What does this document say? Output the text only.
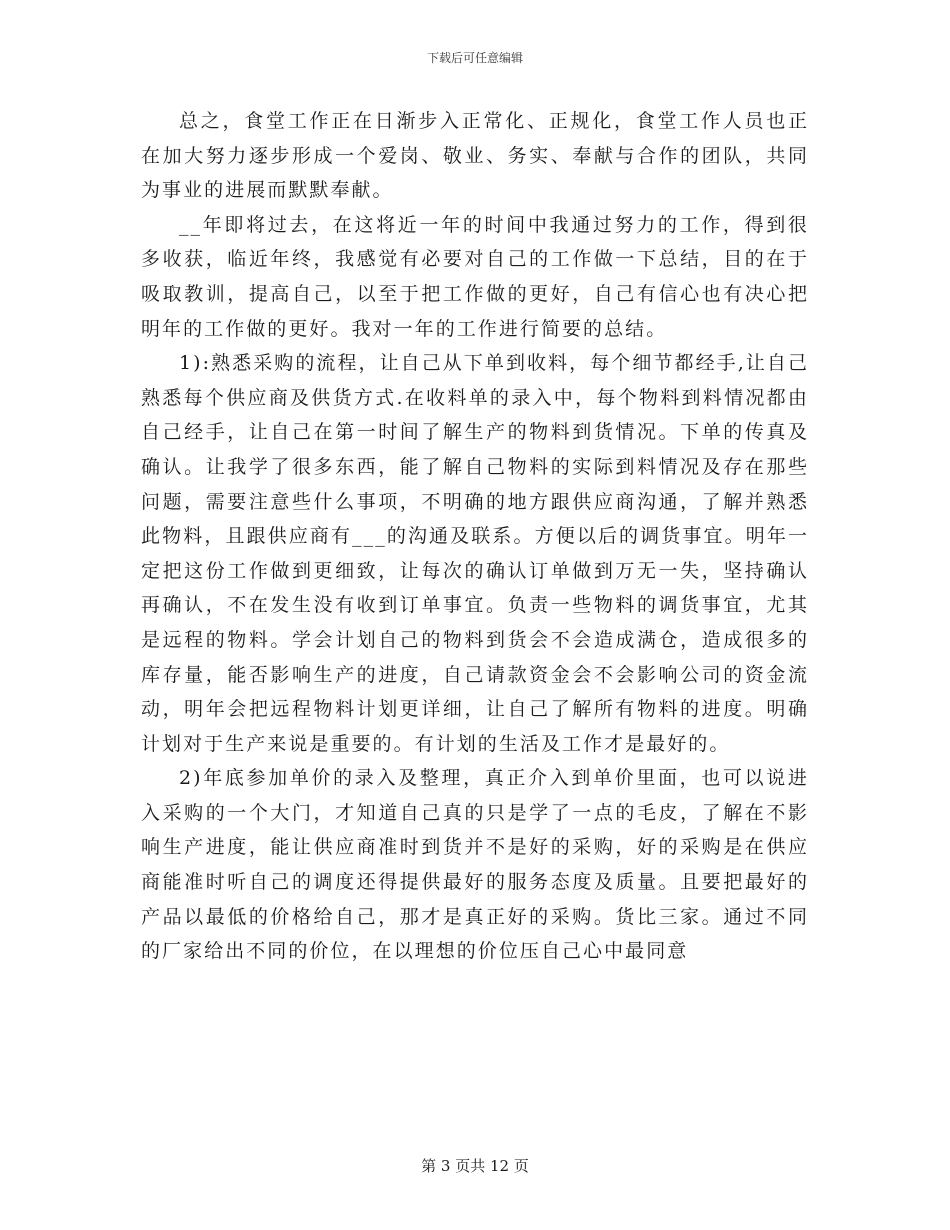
下载后可任意编辑

总之，食堂工作正在日渐步入正常化、正规化，食堂工作人员也正在加大努力逐步形成一个爱岗、敬业、务实、奉献与合作的团队，共同为事业的进展而默默奉献。

__年即将过去，在这将近一年的时间中我通过努力的工作，得到很多收获，临近年终，我感觉有必要对自己的工作做一下总结，目的在于吸取教训，提高自己，以至于把工作做的更好，自己有信心也有决心把明年的工作做的更好。我对一年的工作进行简要的总结。

1):熟悉采购的流程，让自己从下单到收料，每个细节都经手,让自己熟悉每个供应商及供货方式.在收料单的录入中，每个物料到料情况都由自己经手，让自己在第一时间了解生产的物料到货情况。下单的传真及确认。让我学了很多东西，能了解自己物料的实际到料情况及存在那些问题，需要注意些什么事项，不明确的地方跟供应商沟通，了解并熟悉此物料，且跟供应商有___的沟通及联系。方便以后的调货事宜。明年一定把这份工作做到更细致，让每次的确认订单做到万无一失，坚持确认再确认，不在发生没有收到订单事宜。负责一些物料的调货事宜，尤其是远程的物料。学会计划自己的物料到货会不会造成满仓，造成很多的库存量，能否影响生产的进度，自己请款资金会不会影响公司的资金流动，明年会把远程物料计划更详细，让自己了解所有物料的进度。明确计划对于生产来说是重要的。有计划的生活及工作才是最好的。

2)年底参加单价的录入及整理，真正介入到单价里面，也可以说进入采购的一个大门，才知道自己真的只是学了一点的毛皮，了解在不影响生产进度，能让供应商准时到货并不是好的采购，好的采购是在供应商能准时听自己的调度还得提供最好的服务态度及质量。且要把最好的产品以最低的价格给自己，那才是真正好的采购。货比三家。通过不同的厂家给出不同的价位，在以理想的价位压自己心中最同意

第 3 页共 12 页
